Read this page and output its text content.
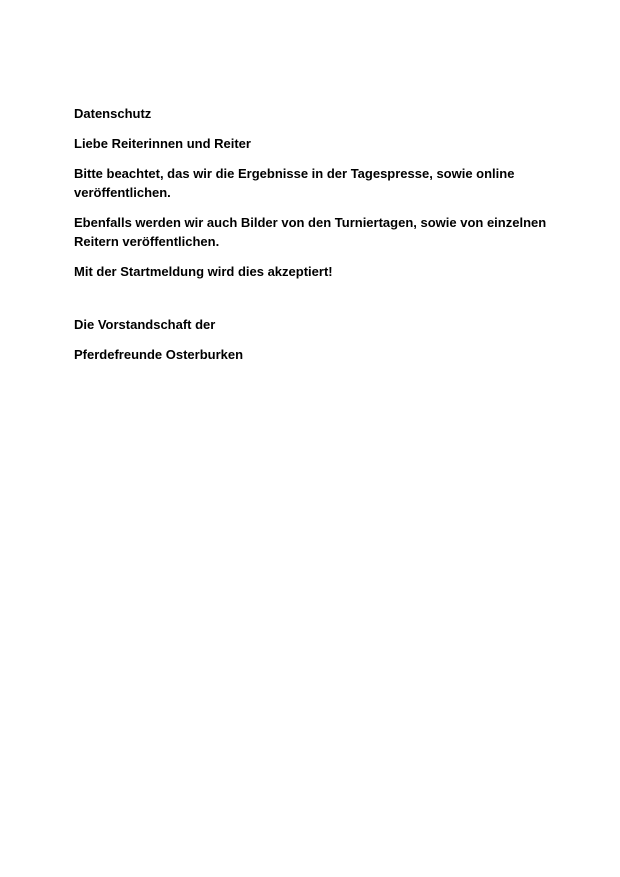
Datenschutz

Liebe Reiterinnen und Reiter

Bitte beachtet, das wir die Ergebnisse in der Tagespresse, sowie online
veröffentlichen.

Ebenfalls werden wir auch Bilder von den Turniertagen, sowie von einzelnen
Reitern veröffentlichen.

Mit der Startmeldung wird dies akzeptiert!

Die Vorstandschaft der

Pferdefreunde Osterburken
